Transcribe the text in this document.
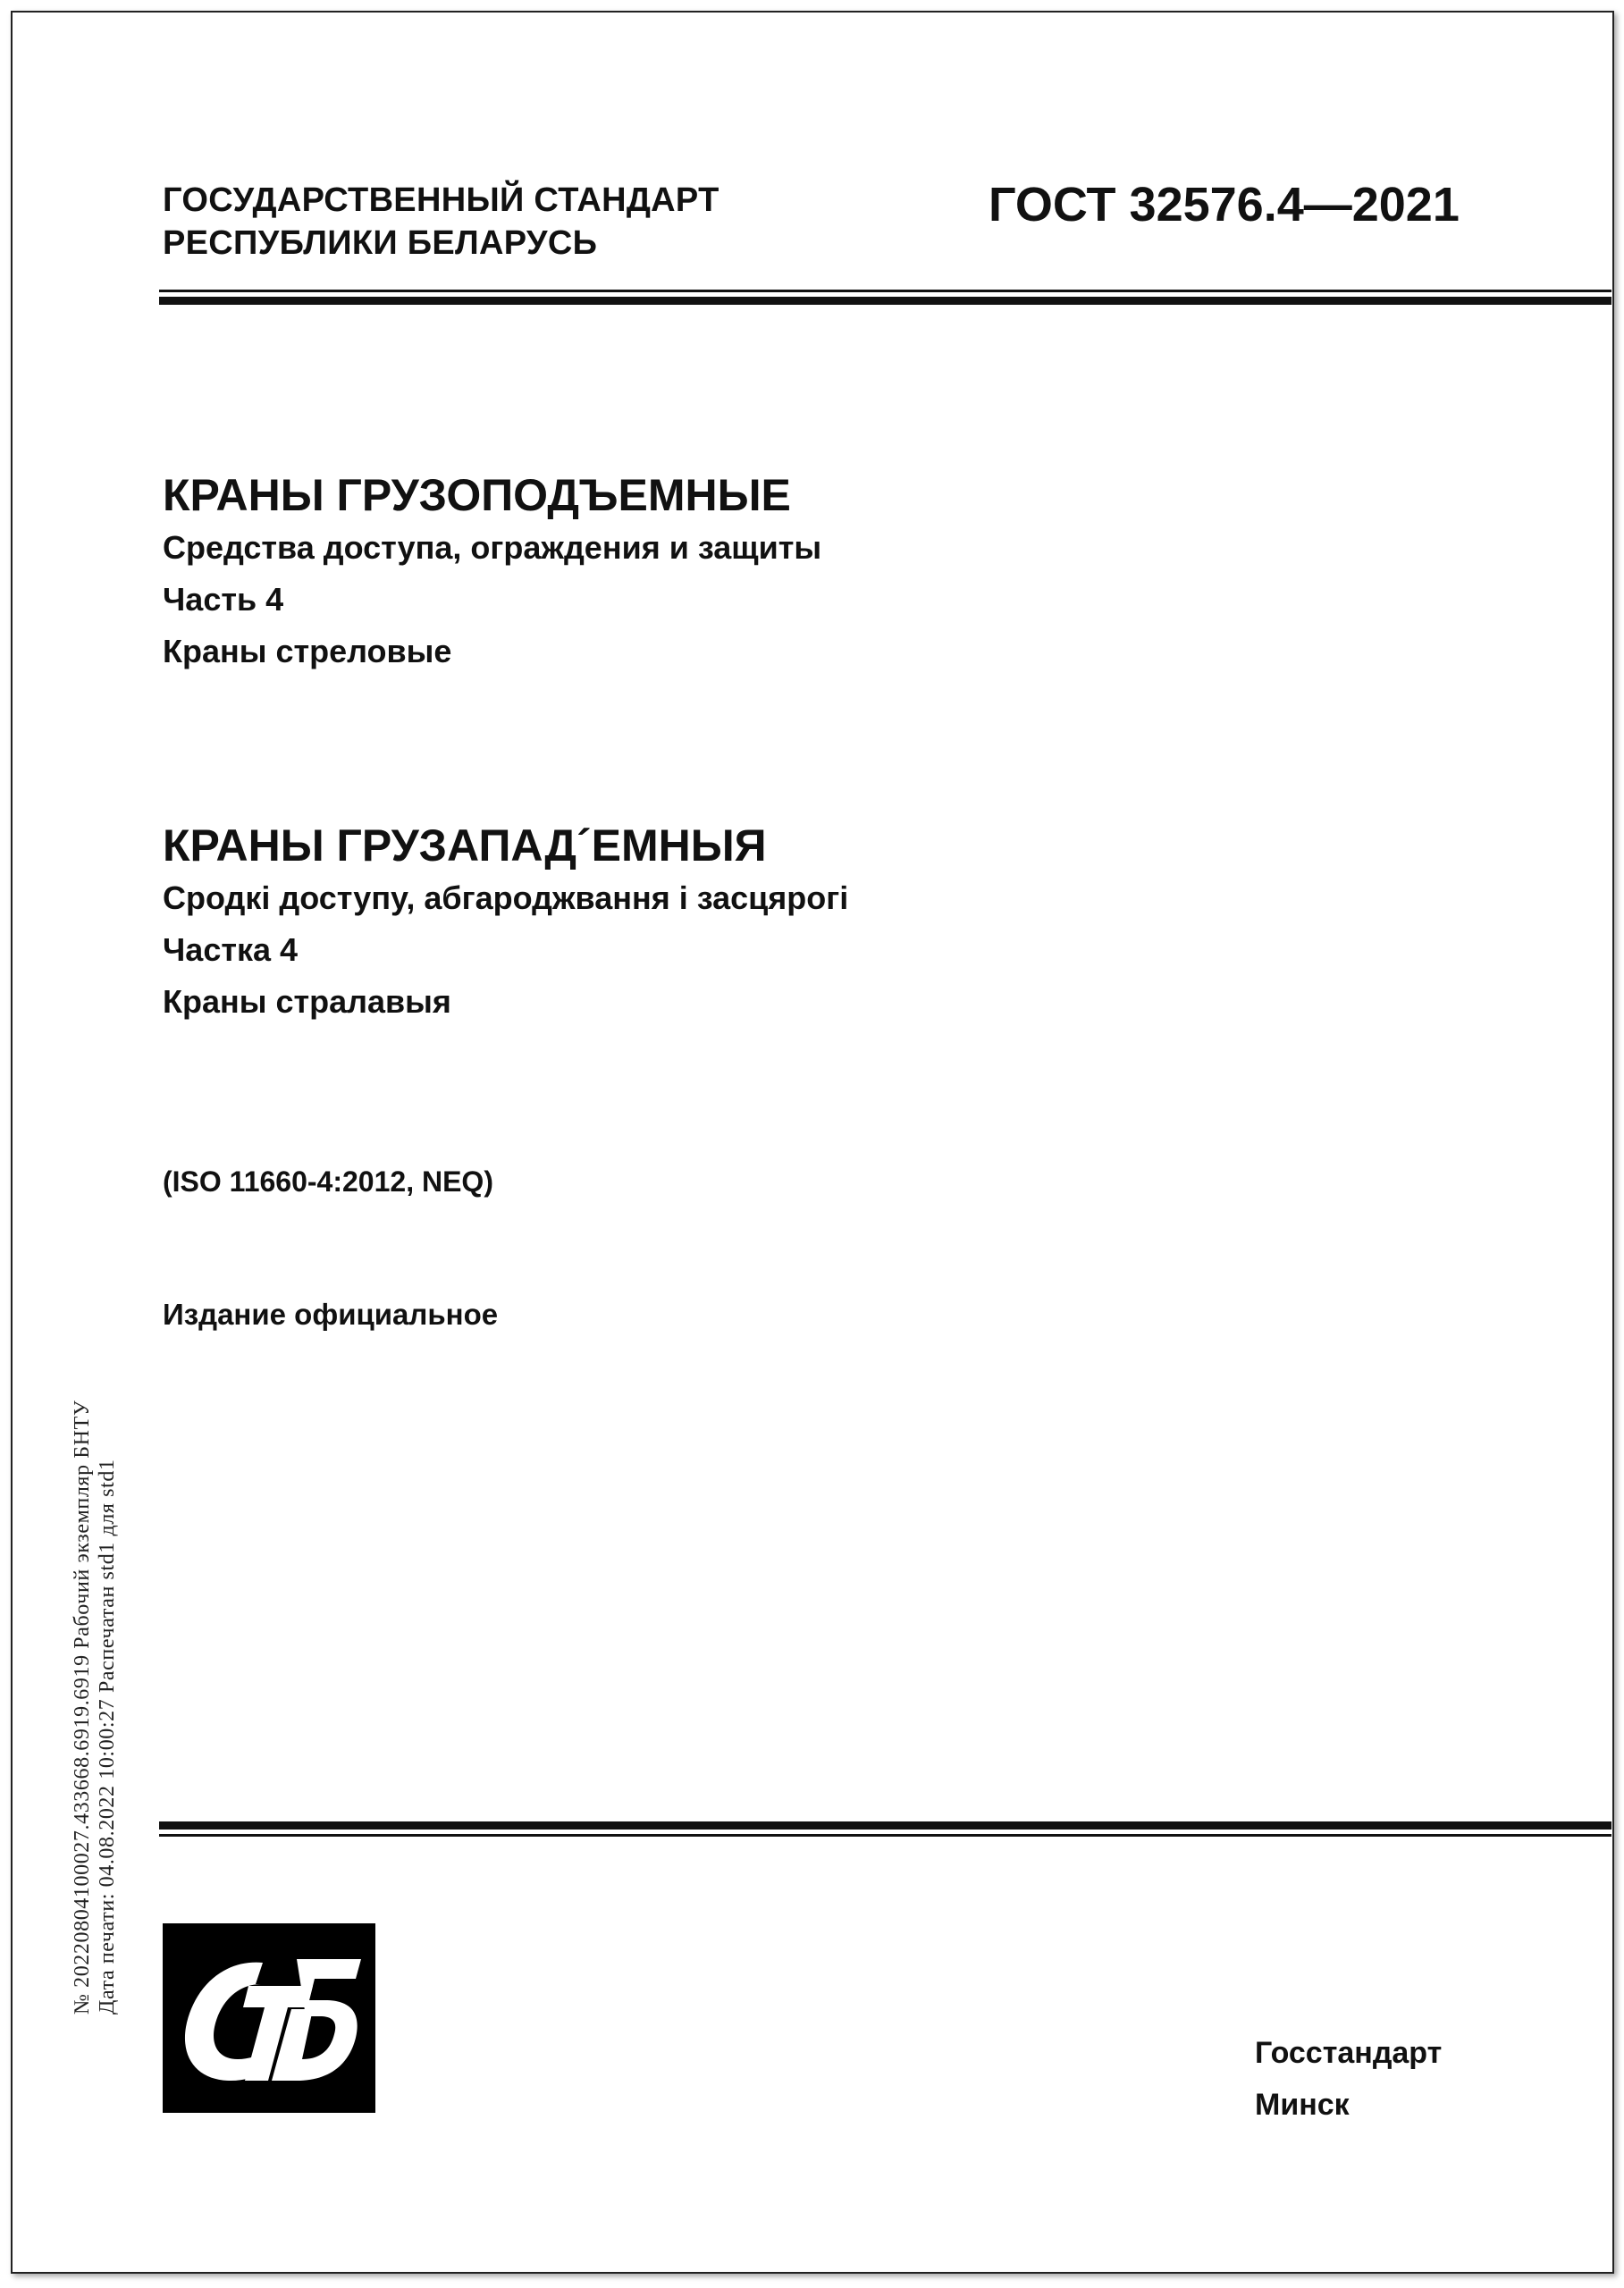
ГОСУДАРСТВЕННЫЙ СТАНДАРТ
РЕСПУБЛИКИ БЕЛАРУСЬ
ГОСТ 32576.4—2021
КРАНЫ ГРУЗОПОДЪЕМНЫЕ
Средства доступа, ограждения и защиты
Часть 4
Краны стреловые
КРАНЫ ГРУЗАПАД´ЕМНЫЯ
Сродкі доступу, абгароджвання і засцярогі
Частка 4
Краны стралавыя
(ISO 11660-4:2012, NEQ)
Издание официальное
№ 20220804100027.433668.6919.6919 Рабочий экземпляр БНТУ Дата печати: 04.08.2022 10:00:27 Распечатан std1 для std1
Госстандарт
Минск
